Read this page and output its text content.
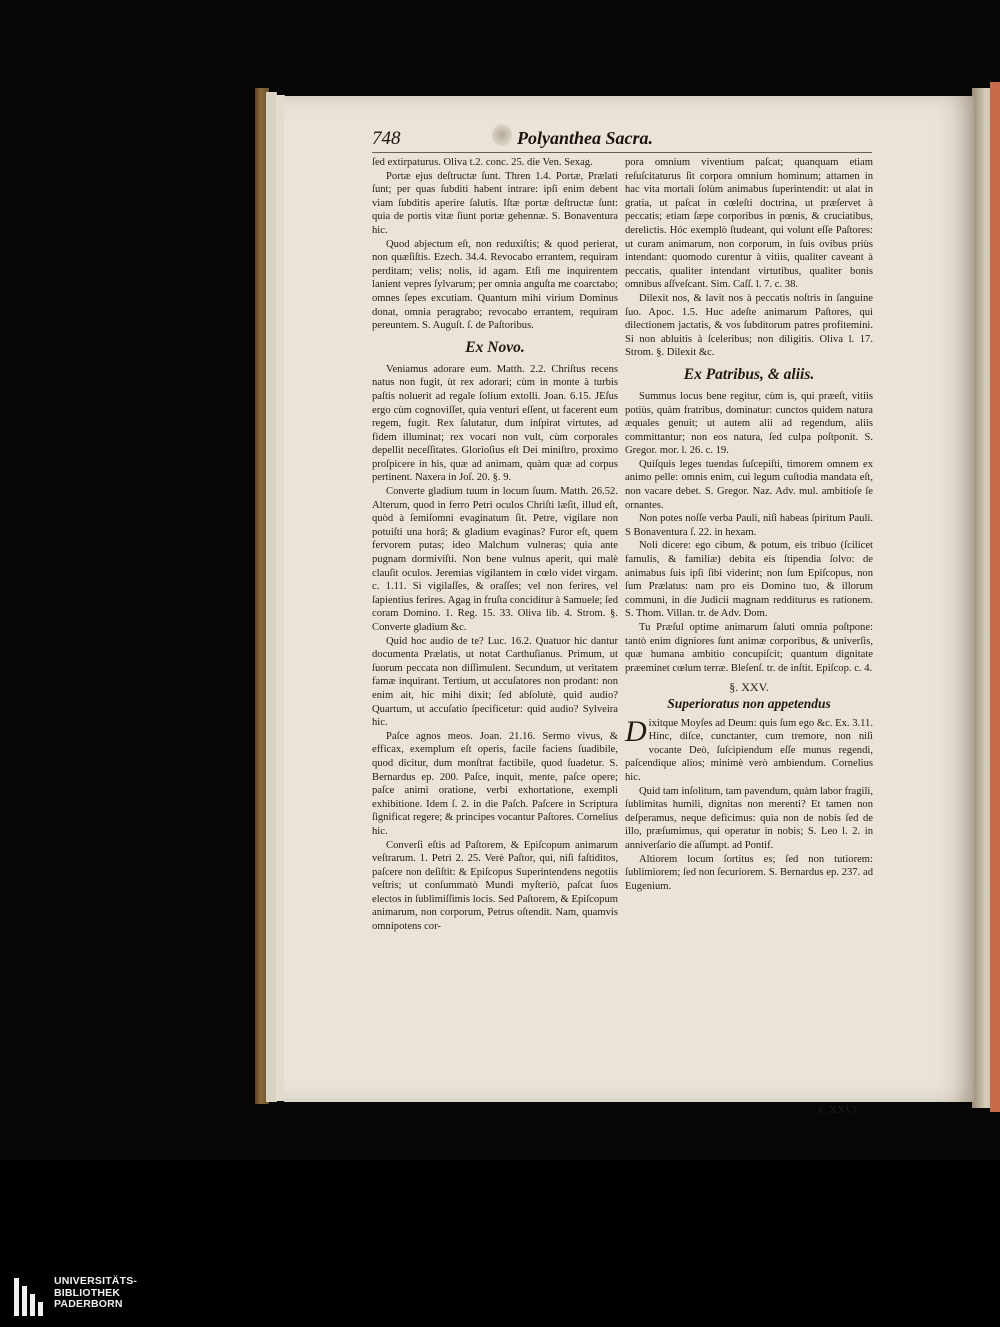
748	Polyanthea Sacra.

ſed extirpaturus. Oliva t.2. conc. 25. die Ven. Sexag.

Portæ ejus deſtructæ ſunt. Thren 1.4. Portæ, Prælati ſunt; per quas ſubditi habent intrare: ipſi enim debent viam ſubditis aperire ſalutis. Iſtæ portæ deſtructæ ſunt: quia de portis vitæ ſiunt portæ gehennæ. S. Bonaventura hic.

Quod abjectum eſt, non reduxiſtis; & quod perierat, non quæſiſtis. Ezech. 34.4. Revocabo errantem, requiram perditam; velis; nolis, id agam. Etſi me inquirentem lanient vepres ſylvarum; per omnia anguſta me coarctabo; omnes ſepes excutiam. Quantum mihi virium Dominus donat, omnia peragrabo; revocabo errantem, requiram pereuntem. S. Auguſt. ſ. de Paſtoribus.

Ex Novo.

Veniamus adorare eum. Matth. 2.2. Chriſtus recens natus non fugit, ùt rex adorari; cùm in monte à turbis paſtis noluerit ad regale ſolium extolli. Joan. 6.15. JEſus ergo cùm cognoviſſet, quia venturi eſſent, ut facerent eum regem, fugit. Rex ſalutatur, dum inſpirat virtutes, ad fidem illuminat; rex vocari non vult, cùm corporales depellit neceſſitates. Glorioſius eſt Dei miniſtro, proximo proſpicere in his, quæ ad animam, quàm quæ ad corpus pertinent. Naxera in Joſ. 20. §. 9.

Converte gladium tuum in locum ſuum. Matth. 26.52. Alterum, quod in ferro Petri oculos Chriſti læſit, illud eſt, quòd à ſemiſomni evaginatum ſit. Petre, vigilare non potuiſti una horâ; & gladium evaginas? Furor eſt, quem fervorem putas; ideo Malchum vulneras; quia ante pugnam dormiviſti. Non bene vulnus aperit, qui malè clauſit oculos. Jeremias vigilantem in cœlo videt virgam. c. 1.11. Si vigilaſſes, & oraſſes; vel non ferires, vel ſapientius ferires. Agag in fruſta conciditur à Samuele; ſed coram Domino. 1. Reg. 15. 33. Oliva lib. 4. Strom. §. Converte gladium &c.

Quid hoc audio de te? Luc. 16.2. Quatuor hic dantur documenta Prælatis, ut notat Carthuſianus. Primum, ut ſuorum peccata non diſſimulent. Secundum, ut veritatem famæ inquirant. Tertium, ut accuſatores non prodant: non enim ait, hic mihi dixit; ſed abſolutè, quid audio? Quartum, ut accuſatio ſpecificetur: quid audio? Sylveira hic.

Paſce agnos meos. Joan. 21.16. Sermo vivus, & efficax, exemplum eſt operis, facile faciens ſuadibile, quod dicitur, dum monſtrat factibile, quod ſuadetur. S. Bernardus ep. 200. Paſce, inquit, mente, paſce opere; paſce animi oratione, verbi exhortatione, exempli exhibitione. Idem ſ. 2. in die Paſch. Paſcere in Scriptura ſignificat regere; & principes vocantur Paſtores. Cornelius hic.

Converſi eſtis ad Paſtorem, & Epiſcopum animarum veſtrarum. 1. Petri 2. 25. Verè Paſtor, qui, niſi faſtiditos, paſcere non deſiſtit: & Epiſcopus Superintendens negotiis veſtris; ut conſummatò Mundi myſteriò, paſcat ſuos electos in ſublimiſſimis locis. Sed Paſtorem, & Epiſcopum animarum, non corporum, Petrus oſtendit. Nam, quamvis omnipotens cor-

pora omnium viventium paſcat; quanquam etiam reſuſcitaturus ſit corpora omnium hominum; attamen in hac vita mortali ſolùm animabus ſuperintendit: ut alat in gratia, ut paſcat in cœleſti doctrina, ut præſervet à peccatis; etiam ſæpe corporibus in pœnis, & cruciatibus, derelictis. Hóc exemplò ſtudeant, qui volunt eſſe Paſtores: ut curam animarum, non corporum, in ſuis ovibus priùs intendant: quomodo curentur à vitiis, qualiter caveant à peccatis, qualiter intendant virtutibus, qualiter bonis omnibus aſſveſcant. Sim. Caſſ. l. 7. c. 38.

Dilexit nos, & lavit nos à peccatis noſtris in ſanguine ſuo. Apoc. 1.5. Huc adeſte animarum Paſtores, qui dilectionem jactatis, & vos ſubditorum patres profitemini. Si non abluitis à ſceleribus; non diligitis. Oliva l. 17. Strom. §. Dilexit &c.

Ex Patribus, & aliis.

Summus locus bene regitur, cùm is, qui præeſt, vitiis potiùs, quàm fratribus, dominatur: cunctos quidem natura æquales genuit; ut autem alii ad regendum, aliis committantur; non eos natura, ſed culpa poſtponit. S. Gregor. mor. l. 26. c. 19.

Quiſquis leges tuendas ſuſcepiſti, timorem omnem ex animo pelle: omnis enim, cui legum cuſtodia mandata eſt, non vacare debet. S. Gregor. Naz. Adv. mul. ambitioſe ſe ornantes.

Non potes noſſe verba Pauli, niſi habeas ſpiritum Pauli. S Bonaventura ſ. 22. in hexam.

Noli dicere: ego cibum, & potum, eis tribuo (ſcilicet famulis, & familiæ) debita eis ſtipendia ſolvo: de animabus ſuis ipſi ſibi viderint; non ſum Epiſcopus, non ſum Prælatus: nam pro eis Domino tuo, & illorum communi, in die Judicii magnam redditurus es rationem. S. Thom. Villan. tr. de Adv. Dom.

Tu Præſul optime animarum ſaluti omnia poſtpone: tantò enim digniores ſunt animæ corporibus, & univerſis, quæ humana ambitio concupiſcit; quantum dignitate præeminet cœlum terræ. Bleſenſ. tr. de inſtit. Epiſcop. c. 4.

§. XXV.
Superioratus non appetendus

Dixitque Moyſes ad Deum: quis ſum ego &c. Ex. 3.11. Hinc, diſce, cunctanter, cum tremore, non niſi vocante Deò, ſuſcipiendum eſſe munus regendi, paſcendique alios; minimè verò ambiendum. Cornelius hic.

Quid tam inſolitum, tam pavendum, quàm labor fragili, ſublimitas humili, dignitas non merenti? Et tamen non deſperamus, neque deficimus: quia non de nobis ſed de illo, præſumimus, qui operatur in nobis; S. Leo l. 2. in anniverſario die aſſumpt. ad Pontif.

Altiorem locum ſortitus es; ſed non tutiorem: ſublimiorem; ſed non ſecuriorem. S. Bernardus ep. 237. ad Eugenium.

§. XXVI.
UNIVERSITÄTS-
BIBLIOTHEK
PADERBORN
